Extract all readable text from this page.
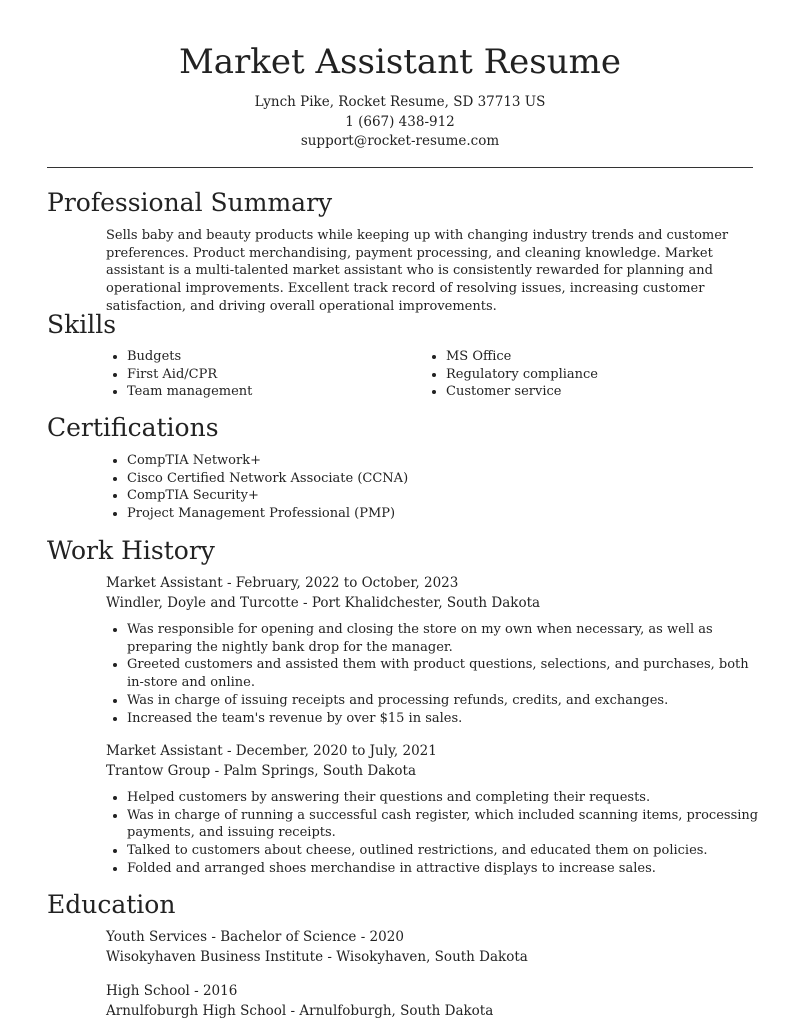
Market Assistant Resume
Lynch Pike, Rocket Resume, SD 37713 US
1 (667) 438-912
support@rocket-resume.com
Professional Summary

Sells baby and beauty products while keeping up with changing industry trends and customer preferences. Product merchandising, payment processing, and cleaning knowledge. Market assistant is a multi-talented market assistant who is consistently rewarded for planning and operational improvements. Excellent track record of resolving issues, increasing customer satisfaction, and driving overall operational improvements.

Skills
• Budgets
• First Aid/CPR
• Team management
• MS Office
• Regulatory compliance
• Customer service
Certifications
• CompTIA Network+
• Cisco Certified Network Associate (CCNA)
• CompTIA Security+
• Project Management Professional (PMP)
Work History
Market Assistant - February, 2022 to October, 2023
Windler, Doyle and Turcotte - Port Khalidchester, South Dakota
• Was responsible for opening and closing the store on my own when necessary, as well as preparing the nightly bank drop for the manager.
• Greeted customers and assisted them with product questions, selections, and purchases, both in-store and online.
• Was in charge of issuing receipts and processing refunds, credits, and exchanges.
• Increased the team's revenue by over $15 in sales.
Market Assistant - December, 2020 to July, 2021
Trantow Group - Palm Springs, South Dakota
• Helped customers by answering their questions and completing their requests.
• Was in charge of running a successful cash register, which included scanning items, processing payments, and issuing receipts.
• Talked to customers about cheese, outlined restrictions, and educated them on policies.
• Folded and arranged shoes merchandise in attractive displays to increase sales.
Education
Youth Services - Bachelor of Science - 2020
Wisokyhaven Business Institute - Wisokyhaven, South Dakota
High School - 2016
Arnulfoburgh High School - Arnulfoburgh, South Dakota
